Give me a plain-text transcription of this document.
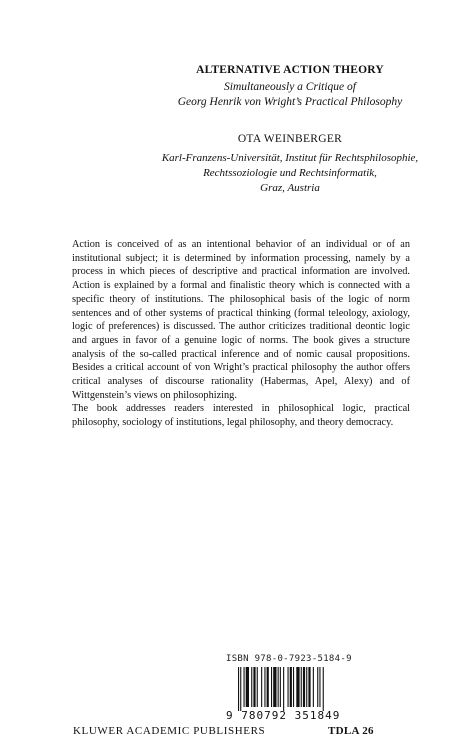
ALTERNATIVE ACTION THEORY
Simultaneously a Critique of
Georg Henrik von Wright’s Practical Philosophy
OTA WEINBERGER
Karl-Franzens-Universität, Institut für Rechtsphilosophie,
Rechtssoziologie und Rechtsinformatik,
Graz, Austria

Action is conceived of as an intentional behavior of an individual or of an institutional subject; it is determined by information processing, namely by a process in which pieces of descriptive and practical information are involved. Action is explained by a formal and finalistic theory which is connected with a specific theory of institutions. The philosophical basis of the logic of norm sentences and of other systems of practical thinking (formal teleology, axiology, logic of preferences) is discussed. The author criticizes traditional deontic logic and argues in favor of a genuine logic of norms. The book gives a structure analysis of the so-called practical inference and of nomic causal propositions. Besides a critical account of von Wright’s practical philosophy the author offers critical analyses of discourse rationality (Habermas, Apel, Alexy) and of Wittgenstein’s views on philosophizing.

The book addresses readers interested in philosophical logic, practical philosophy, sociology of institutions, legal philosophy, and theory democracy.

ISBN 978-0-7923-5184-9
9 780792 351849
KLUWER ACADEMIC PUBLISHERS	TDLA 26
